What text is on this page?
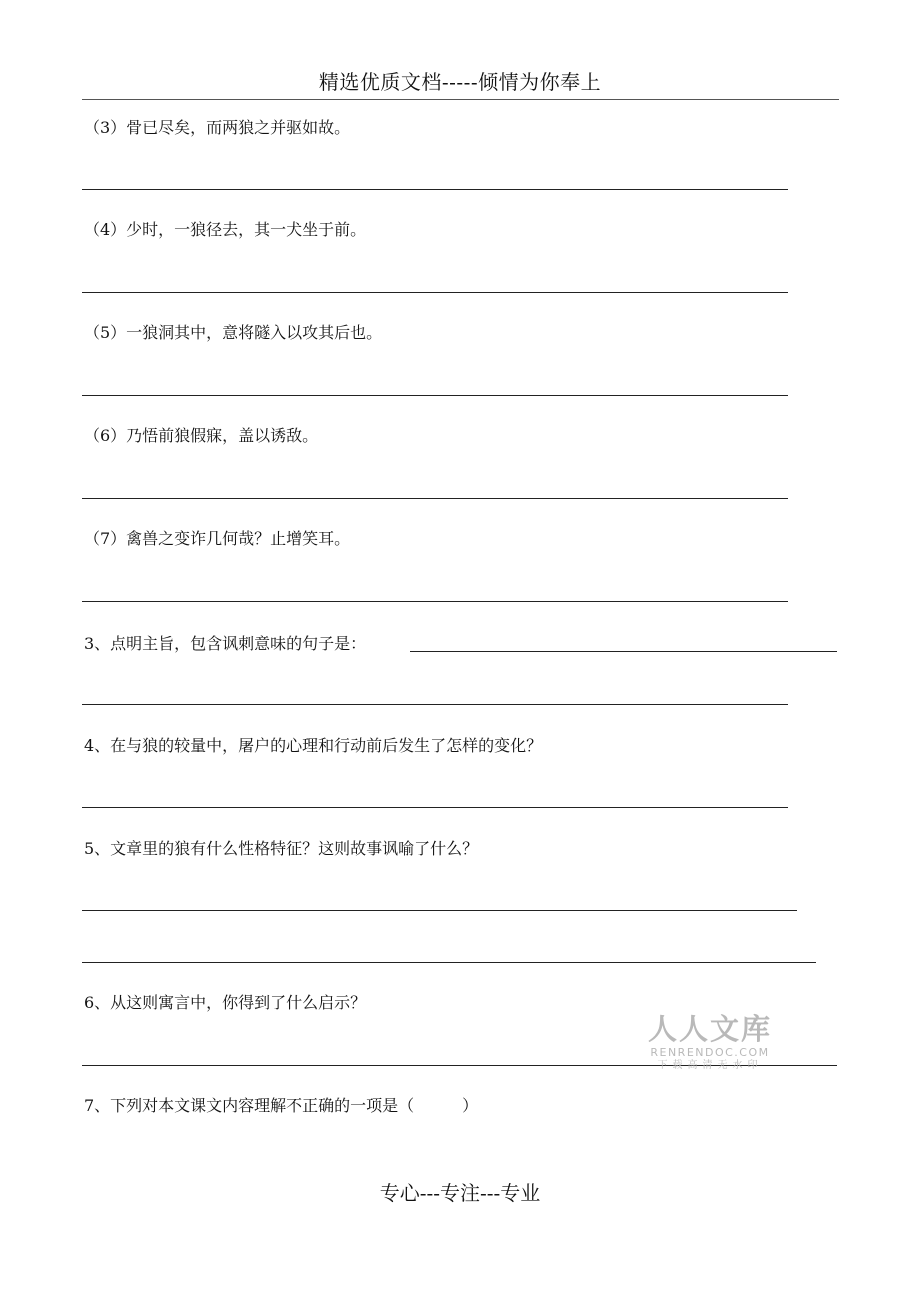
精选优质文档-----倾情为你奉上
（3）骨已尽矣，而两狼之并驱如故。
（4）少时，一狼径去，其一犬坐于前。
（5）一狼洞其中，意将隧入以攻其后也。
（6）乃悟前狼假寐，盖以诱敌。
（7）禽兽之变诈几何哉？止增笑耳。
3、点明主旨，包含讽刺意味的句子是：
4、在与狼的较量中，屠户的心理和行动前后发生了怎样的变化？
5、文章里的狼有什么性格特征？这则故事讽喻了什么？
6、从这则寓言中，你得到了什么启示？
7、下列对本文课文内容理解不正确的一项是（　　　）
人人文库
RENRENDOC.COM
下载高清无水印
专心---专注---专业
